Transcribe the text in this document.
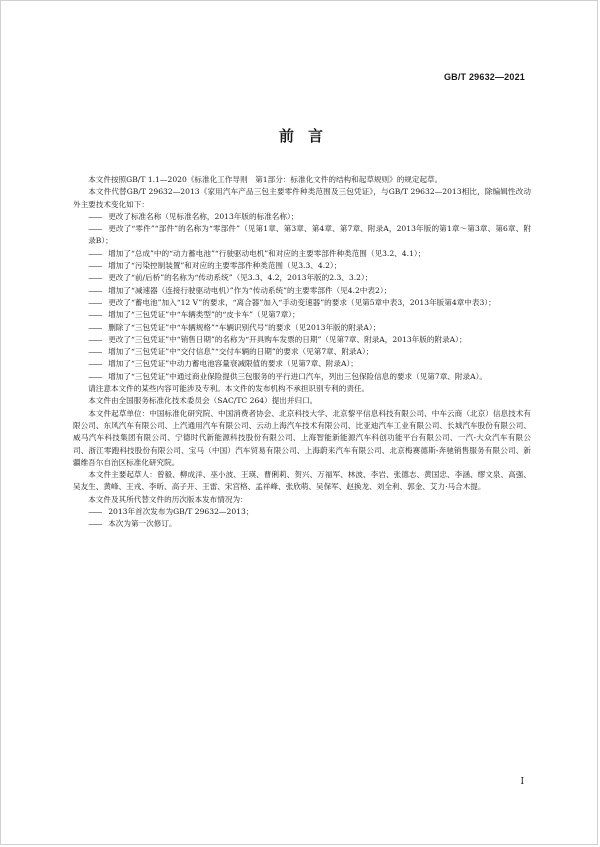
GB/T 29632—2021
前言

本文件按照GB/T 1.1—2020《标准化工作导则　第1部分：标准化文件的结构和起草规则》的规定起草。

本文件代替GB/T 29632—2013《家用汽车产品三包主要零件种类范围及三包凭证》，与GB/T 29632—2013相比，除编辑性改动外主要技术变化如下：

—— 更改了标准名称（见标准名称，2013年版的标准名称）；

—— 更改了“零件”“部件”的名称为“零部件”（见第1章、第3章、第4章、第7章、附录A，2013年版的第1章～第3章、第6章、附录B）；

—— 增加了“总成”中的“动力蓄电池”“行驶驱动电机”和对应的主要零部件种类范围（见3.2、4.1）；

—— 增加了“污染控制装置”和对应的主要零部件种类范围（见3.3、4.2）；

—— 更改了“前/后桥”的名称为“传动系统”（见3.3、4.2，2013年版的2.3、3.2）；

—— 增加了“减速器（连接行驶驱动电机）”作为“传动系统”的主要零部件（见4.2中表2）；

—— 更改了“蓄电池”加入“12 V”的要求，“离合器”加入“手动变速器”的要求（见第5章中表3，2013年版第4章中表3）；

—— 增加了“三包凭证”中“车辆类型”的“皮卡车”（见第7章）；

—— 删除了“三包凭证”中“车辆规格”“车辆识别代号”的要求（见2013年版的附录A）；

—— 更改了“三包凭证”中“销售日期”的名称为“开具购车发票的日期”（见第7章、附录A，2013年版的附录A）；

—— 增加了“三包凭证”中“交付信息”“交付车辆的日期”的要求（见第7章、附录A）；

—— 增加了“三包凭证”中动力蓄电池容量衰减限值的要求（见第7章、附录A）；

—— 增加了“三包凭证”中通过商业保险提供三包服务的平行进口汽车，列出三包保险信息的要求（见第7章、附录A）。

请注意本文件的某些内容可能涉及专利。本文件的发布机构不承担识别专利的责任。

本文件由全国服务标准化技术委员会（SAC/TC 264）提出并归口。

本文件起草单位：中国标准化研究院、中国消费者协会、北京科技大学、北京黎平信息科技有限公司、中车云商（北京）信息技术有限公司、东风汽车有限公司、上汽通用汽车有限公司、云动上海汽车技术有限公司、比亚迪汽车工业有限公司、长城汽车股份有限公司、威马汽车科技集团有限公司、宁德时代新能源科技股份有限公司、上海智能新能源汽车科创功能平台有限公司、一汽-大众汽车有限公司、浙江零跑科技股份有限公司、宝马（中国）汽车贸易有限公司、上海蔚来汽车有限公司、北京梅赛德斯-奔驰销售服务有限公司、新疆维吾尔自治区标准化研究院。

本文件主要起草人：曾毅、柳成洋、巫小波、王瑛、曹俐莉、贺兴、万福军、林波、李岩、张德志、黄国忠、李涵、缪文泉、高强、吴友生、黄峰、王戎、李昕、高子开、王雷、宋宫格、孟祥峰、张欣萌、吴保军、赵换龙、刘全利、郭金、艾力·马合木提。

本文件及其所代替文件的历次版本发布情况为：

—— 2013年首次发布为GB/T 29632—2013；

—— 本次为第一次修订。

I
